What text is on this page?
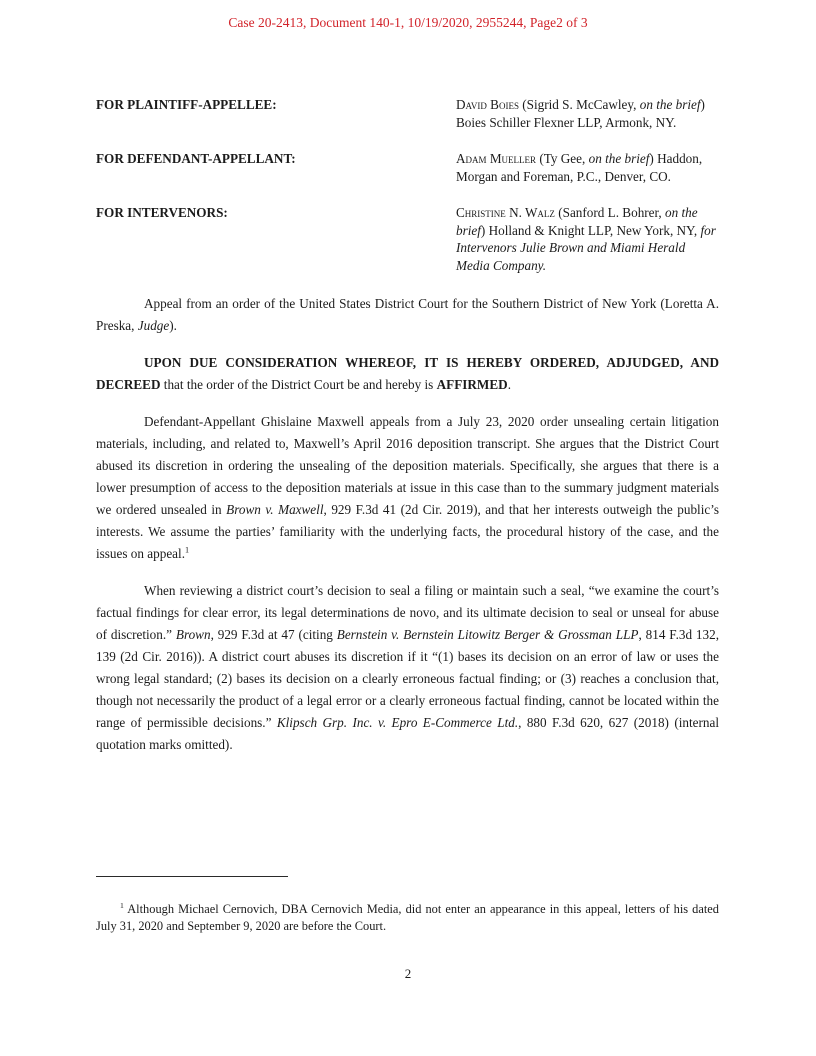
Case 20-2413, Document 140-1, 10/19/2020, 2955244, Page2 of 3
FOR PLAINTIFF-APPELLEE:	David Boies (Sigrid S. McCawley, on the brief) Boies Schiller Flexner LLP, Armonk, NY.
FOR DEFENDANT-APPELLANT:	Adam Mueller (Ty Gee, on the brief) Haddon, Morgan and Foreman, P.C., Denver, CO.
FOR INTERVENORS:	Christine N. Walz (Sanford L. Bohrer, on the brief) Holland & Knight LLP, New York, NY, for Intervenors Julie Brown and Miami Herald Media Company.

Appeal from an order of the United States District Court for the Southern District of New York (Loretta A. Preska, Judge).

UPON DUE CONSIDERATION WHEREOF, IT IS HEREBY ORDERED, ADJUDGED, AND DECREED that the order of the District Court be and hereby is AFFIRMED.

Defendant-Appellant Ghislaine Maxwell appeals from a July 23, 2020 order unsealing certain litigation materials, including, and related to, Maxwell’s April 2016 deposition transcript. She argues that the District Court abused its discretion in ordering the unsealing of the deposition materials. Specifically, she argues that there is a lower presumption of access to the deposition materials at issue in this case than to the summary judgment materials we ordered unsealed in Brown v. Maxwell, 929 F.3d 41 (2d Cir. 2019), and that her interests outweigh the public’s interests. We assume the parties’ familiarity with the underlying facts, the procedural history of the case, and the issues on appeal.$^1$

When reviewing a district court’s decision to seal a filing or maintain such a seal, “we examine the court’s factual findings for clear error, its legal determinations de novo, and its ultimate decision to seal or unseal for abuse of discretion.” Brown, 929 F.3d at 47 (citing Bernstein v. Bernstein Litowitz Berger & Grossman LLP, 814 F.3d 132, 139 (2d Cir. 2016)). A district court abuses its discretion if it “(1) bases its decision on an error of law or uses the wrong legal standard; (2) bases its decision on a clearly erroneous factual finding; or (3) reaches a conclusion that, though not necessarily the product of a legal error or a clearly erroneous factual finding, cannot be located within the range of permissible decisions.” Klipsch Grp. Inc. v. Epro E-Commerce Ltd., 880 F.3d 620, 627 (2018) (internal quotation marks omitted).

$^1$ Although Michael Cernovich, DBA Cernovich Media, did not enter an appearance in this appeal, letters of his dated July 31, 2020 and September 9, 2020 are before the Court.

2
